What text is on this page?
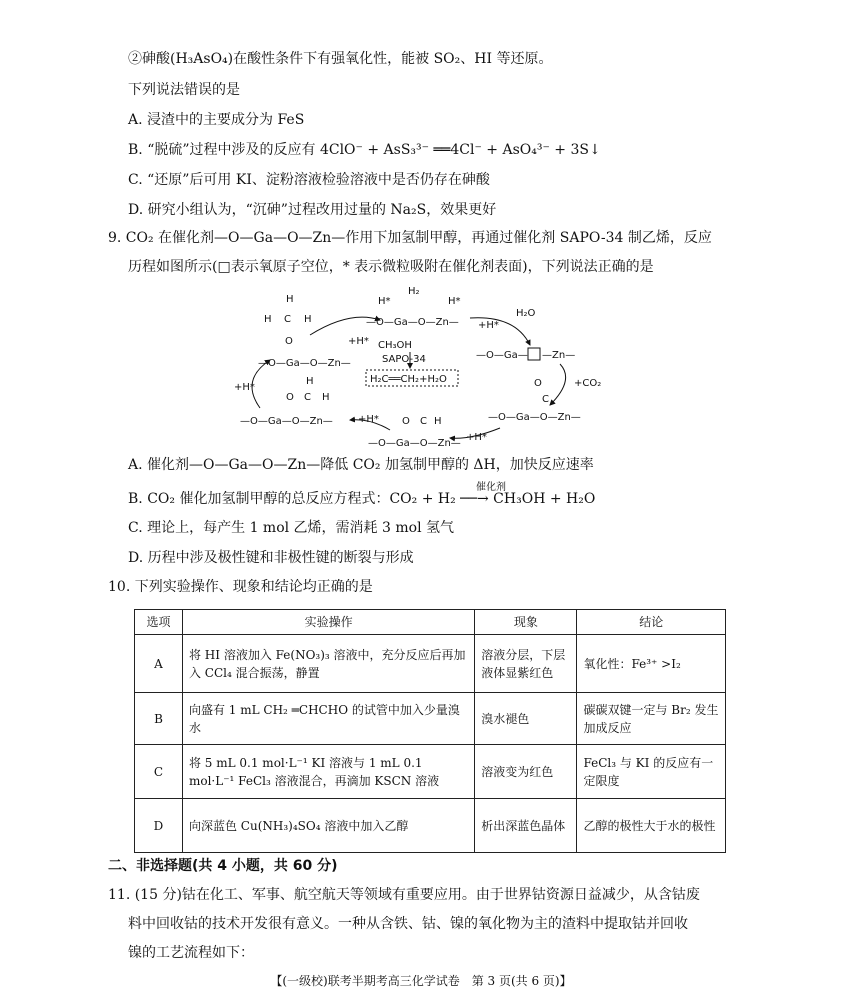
②砷酸(H₃AsO₄)在酸性条件下有强氧化性，能被 SO₂、HI 等还原。
下列说法错误的是
A. 浸渣中的主要成分为 FeS
B. “脱硫”过程中涉及的反应有 4ClO⁻ + AsS₃³⁻ ══4Cl⁻ + AsO₄³⁻ + 3S↓
C. “还原”后可用 KI、淀粉溶液检验溶液中是否仍存在砷酸
D. 研究小组认为，“沉砷”过程改用过量的 Na₂S，效果更好
9. CO₂ 在催化剂—O—Ga—O—Zn—作用下加氢制甲醇，再通过催化剂 SAPO-34 制乙烯，反应
历程如图所示(□表示氧原子空位，* 表示微粒吸附在催化剂表面)，下列说法正确的是
H
H C H
O
—O—Ga—O—Zn—
H₂
H*	H*
—O—Ga—O—Zn—
+H* CH₃OH
SAPO-34
H₂C══CH₂+H₂O
+H*
H₂O
—O—Ga— —Zn—
+CO₂
O
C
—O—Ga—O—Zn—
+H*
+H*
—O—Ga—O—Zn—
O C H
+H*
H
O C H
—O—Ga—O—Zn—
A. 催化剂—O—Ga—O—Zn—降低 CO₂ 加氢制甲醇的 ΔH，加快反应速率
催化剂
B. CO₂ 催化加氢制甲醇的总反应方程式：CO₂ + H₂ ──→ CH₃OH + H₂O
C. 理论上，每产生 1 mol 乙烯，需消耗 3 mol 氢气
D. 历程中涉及极性键和非极性键的断裂与形成
10. 下列实验操作、现象和结论均正确的是
选项	实验操作	现象	结论
A	将 HI 溶液加入 Fe(NO₃)₃ 溶液中，充分反应后再加入 CCl₄ 混合振荡，静置	溶液分层，下层液体显紫红色	氧化性：Fe³⁺ >I₂
B	向盛有 1 mL CH₂ ═CHCHO 的试管中加入少量溴水	溴水褪色	碳碳双键一定与 Br₂ 发生加成反应
C	将 5 mL 0.1 mol·L⁻¹ KI 溶液与 1 mL 0.1 mol·L⁻¹ FeCl₃ 溶液混合，再滴加 KSCN 溶液	溶液变为红色	FeCl₃ 与 KI 的反应有一定限度
D	向深蓝色 Cu(NH₃)₄SO₄ 溶液中加入乙醇	析出深蓝色晶体	乙醇的极性大于水的极性
二、非选择题(共 4 小题，共 60 分)
11. (15 分)钴在化工、军事、航空航天等领域有重要应用。由于世界钴资源日益减少，从含钴废
料中回收钴的技术开发很有意义。一种从含铁、钴、镍的氧化物为主的渣料中提取钴并回收
镍的工艺流程如下：
【(一级校)联考半期考高三化学试卷　第 3 页(共 6 页)】
